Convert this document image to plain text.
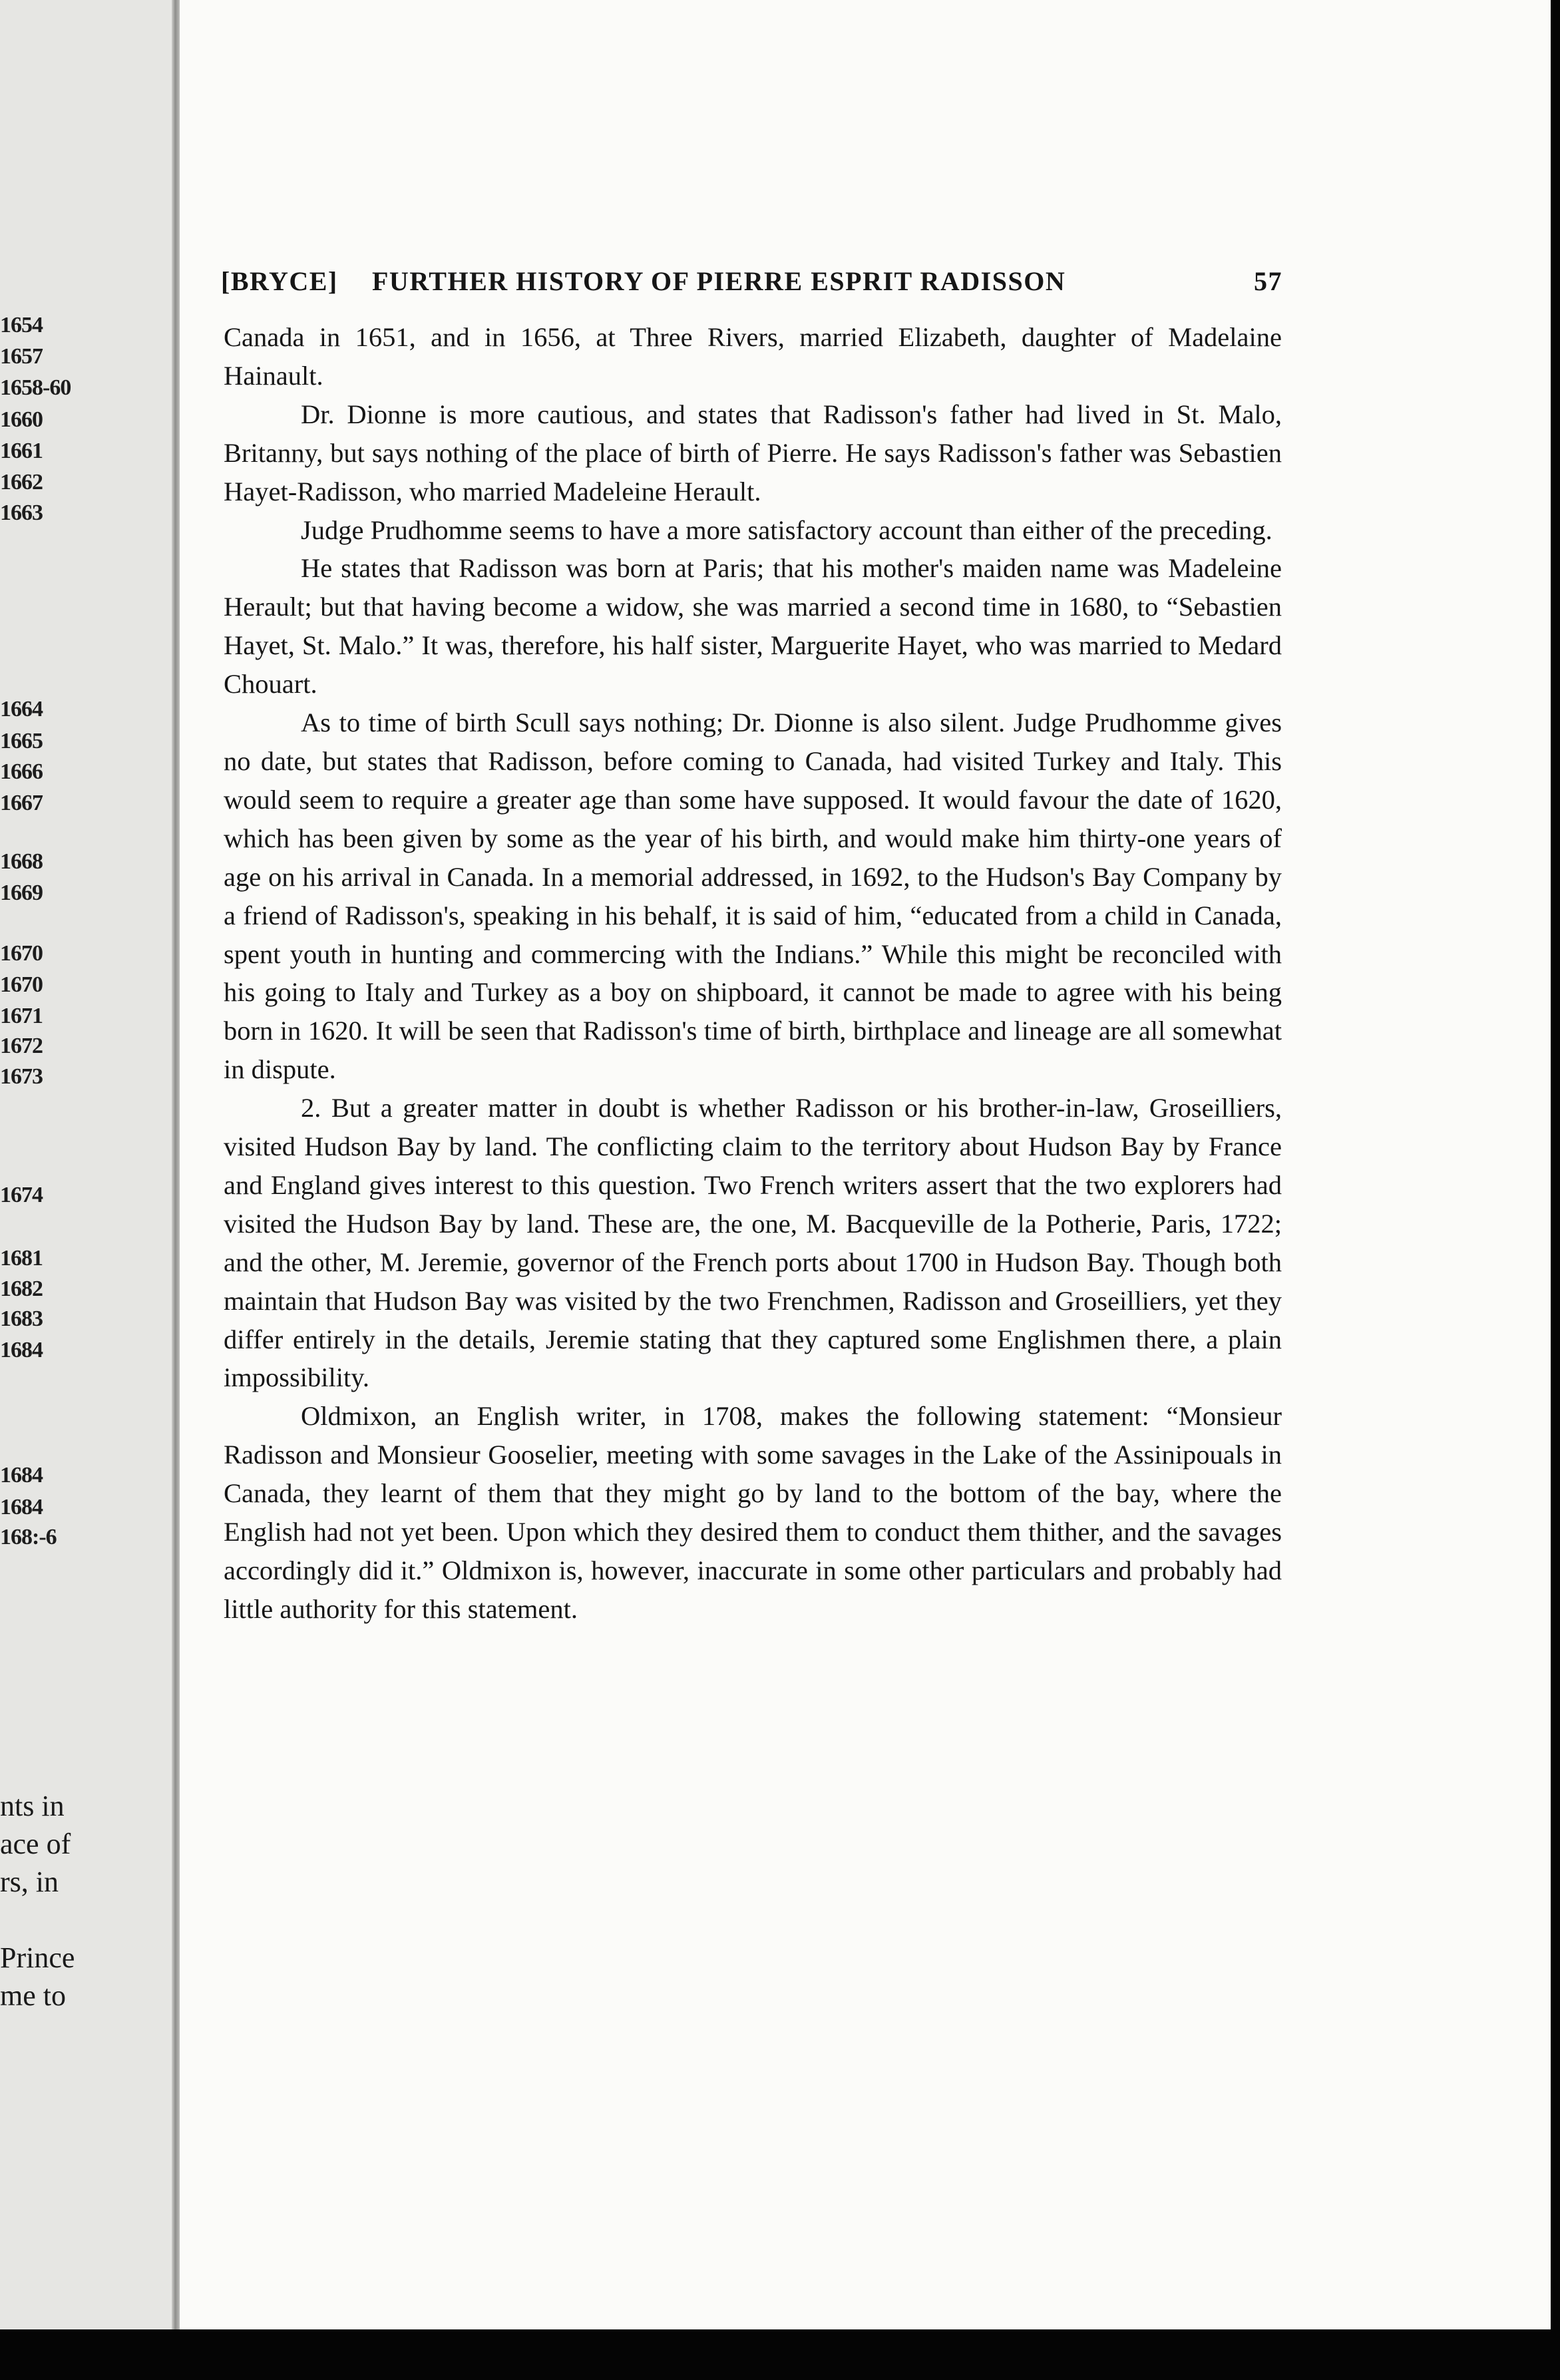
1654
1657
1658-60
1660
1661
1662
1663
1664
1665
1666
1667
1668
1669
1670
1670
1671
1672
1673
1674
1681
1682
1683
1684
1684
1684
168:-6
nts in
ace of
rs, in
Prince
me to
[BRYCE] FURTHER HISTORY OF PIERRE ESPRIT RADISSON	57

Canada in 1651, and in 1656, at Three Rivers, married Elizabeth, daughter of Madelaine Hainault.

Dr. Dionne is more cautious, and states that Radisson's father had lived in St. Malo, Britanny, but says nothing of the place of birth of Pierre. He says Radisson's father was Sebastien Hayet-Radisson, who married Madeleine Herault.

Judge Prudhomme seems to have a more satisfactory account than either of the preceding.

He states that Radisson was born at Paris; that his mother's maiden name was Madeleine Herault; but that having become a widow, she was married a second time in 1680, to “Sebastien Hayet, St. Malo.” It was, therefore, his half sister, Marguerite Hayet, who was married to Medard Chouart.

As to time of birth Scull says nothing; Dr. Dionne is also silent. Judge Prudhomme gives no date, but states that Radisson, before coming to Canada, had visited Turkey and Italy. This would seem to require a greater age than some have supposed. It would favour the date of 1620, which has been given by some as the year of his birth, and would make him thirty-one years of age on his arrival in Canada. In a memorial addressed, in 1692, to the Hudson's Bay Company by a friend of Radisson's, speaking in his behalf, it is said of him, “educated from a child in Canada, spent youth in hunting and commercing with the Indians.” While this might be reconciled with his going to Italy and Turkey as a boy on shipboard, it cannot be made to agree with his being born in 1620. It will be seen that Radisson's time of birth, birthplace and lineage are all somewhat in dispute.

2. But a greater matter in doubt is whether Radisson or his brother-in-law, Groseilliers, visited Hudson Bay by land. The conflicting claim to the territory about Hudson Bay by France and England gives interest to this question. Two French writers assert that the two explorers had visited the Hudson Bay by land. These are, the one, M. Bacqueville de la Potherie, Paris, 1722; and the other, M. Jeremie, governor of the French ports about 1700 in Hudson Bay. Though both maintain that Hudson Bay was visited by the two Frenchmen, Radisson and Groseilliers, yet they differ entirely in the details, Jeremie stating that they captured some Englishmen there, a plain impossibility.

Oldmixon, an English writer, in 1708, makes the following statement: “Monsieur Radisson and Monsieur Gooselier, meeting with some savages in the Lake of the Assinipouals in Canada, they learnt of them that they might go by land to the bottom of the bay, where the English had not yet been. Upon which they desired them to conduct them thither, and the savages accordingly did it.” Oldmixon is, however, inaccurate in some other particulars and probably had little authority for this statement.
